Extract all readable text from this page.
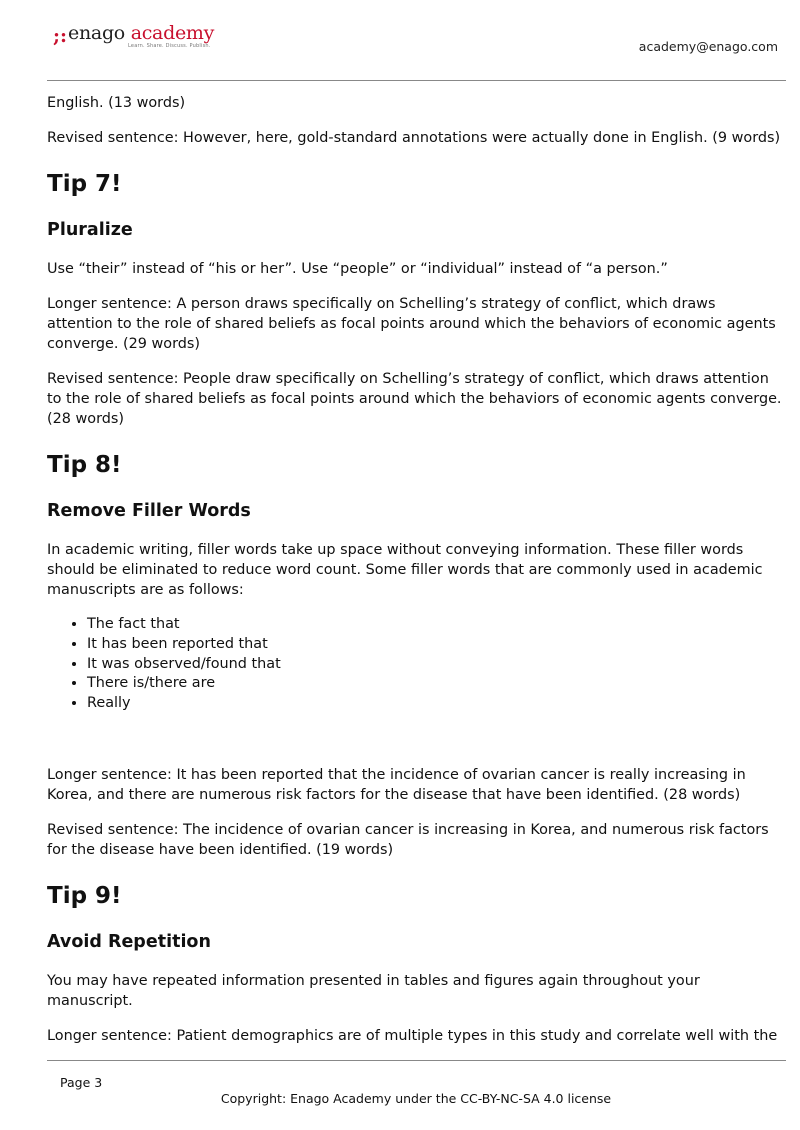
;: enago academy
Learn. Share. Discuss. Publish.	academy@enago.com

English. (13 words)

Revised sentence: However, here, gold-standard annotations were actually done in English. (9 words)

Tip 7!
Pluralize

Use “their” instead of “his or her”. Use “people” or “individual” instead of “a person.”

Longer sentence: A person draws specifically on Schelling’s strategy of conflict, which draws attention to the role of shared beliefs as focal points around which the behaviors of economic agents converge. (29 words)

Revised sentence: People draw specifically on Schelling’s strategy of conflict, which draws attention to the role of shared beliefs as focal points around which the behaviors of economic agents converge. (28 words)

Tip 8!
Remove Filler Words

In academic writing, filler words take up space without conveying information. These filler words should be eliminated to reduce word count. Some filler words that are commonly used in academic manuscripts are as follows:

• The fact that
• It has been reported that
• It was observed/found that
• There is/there are
• Really

Longer sentence: It has been reported that the incidence of ovarian cancer is really increasing in Korea, and there are numerous risk factors for the disease that have been identified. (28 words)

Revised sentence: The incidence of ovarian cancer is increasing in Korea, and numerous risk factors for the disease have been identified. (19 words)

Tip 9!
Avoid Repetition

You may have repeated information presented in tables and figures again throughout your manuscript.

Longer sentence: Patient demographics are of multiple types in this study and correlate well with the

Page 3
Copyright: Enago Academy under the CC-BY-NC-SA 4.0 license
